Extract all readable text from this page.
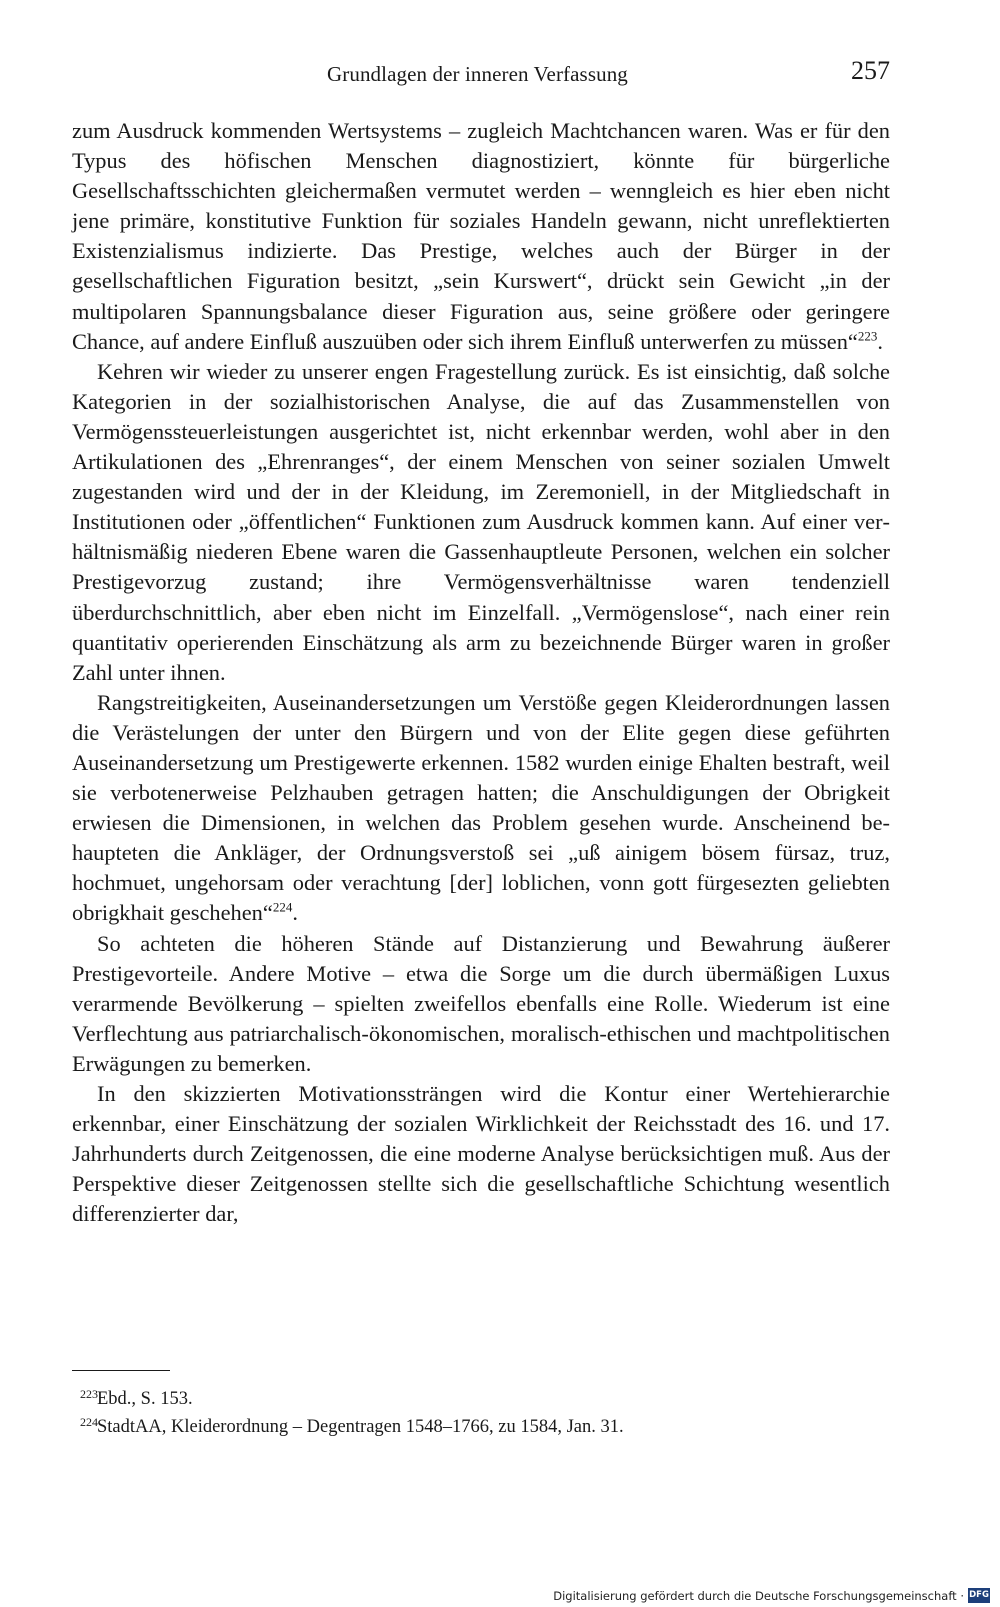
Grundlagen der inneren Verfassung	257

zum Ausdruck kommenden Wertsystems – zugleich Machtchancen waren. Was er für den Typus des höfischen Menschen diagnostiziert, könnte für bürgerliche Gesellschaftsschichten gleichermaßen vermutet werden – wenngleich es hier eben nicht jene primäre, konstitutive Funktion für soziales Handeln gewann, nicht unreflektierten Existenzialismus indizierte. Das Prestige, welches auch der Bürger in der gesellschaftlichen Figuration besitzt, „sein Kurswert“, drückt sein Gewicht „in der multipolaren Spannungsbalance dieser Figuration aus, seine größere oder geringere Chance, auf andere Einfluß auszuüben oder sich ihrem Einfluß unterwerfen zu müssen“$^{223}$.

Kehren wir wieder zu unserer engen Fragestellung zurück. Es ist einsichtig, daß solche Kategorien in der sozialhistorischen Analyse, die auf das Zusammenstellen von Vermögenssteuerleistungen ausgerichtet ist, nicht erkennbar werden, wohl aber in den Artikulationen des „Ehrenranges“, der einem Menschen von seiner sozialen Umwelt zugestanden wird und der in der Kleidung, im Zeremoniell, in der Mitgliedschaft in Institutionen oder „öffentlichen“ Funktionen zum Ausdruck kommen kann. Auf einer verhältnismäßig niederen Ebene waren die Gassenhauptleute Personen, welchen ein solcher Prestigevorzug zustand; ihre Vermögensverhältnisse waren tendenziell überdurchschnittlich, aber eben nicht im Einzelfall. „Vermögenslose“, nach einer rein quantitativ operierenden Einschätzung als arm zu bezeichnende Bürger waren in großer Zahl unter ihnen.

Rangstreitigkeiten, Auseinandersetzungen um Verstöße gegen Kleiderordnungen lassen die Verästelungen der unter den Bürgern und von der Elite gegen diese geführten Auseinandersetzung um Prestigewerte erkennen. 1582 wurden einige Ehalten bestraft, weil sie verbotenerweise Pelzhauben getragen hatten; die Anschuldigungen der Obrigkeit erwiesen die Dimensionen, in welchen das Problem gesehen wurde. Anscheinend behaupteten die Ankläger, der Ordnungsverstoß sei „uß ainigem bösem fürsaz, truz, hochmuet, ungehorsam oder verachtung [der] loblichen, vonn gott fürgesezten geliebten obrigkhait geschehen“$^{224}$.

So achteten die höheren Stände auf Distanzierung und Bewahrung äußerer Prestigevorteile. Andere Motive – etwa die Sorge um die durch übermäßigen Luxus verarmende Bevölkerung – spielten zweifellos ebenfalls eine Rolle. Wiederum ist eine Verflechtung aus patriarchalisch-ökonomischen, moralisch-ethischen und machtpolitischen Erwägungen zu bemerken.

In den skizzierten Motivationssträngen wird die Kontur einer Wertehierarchie erkennbar, einer Einschätzung der sozialen Wirklichkeit der Reichsstadt des 16. und 17. Jahrhunderts durch Zeitgenossen, die eine moderne Analyse berücksichtigen muß. Aus der Perspektive dieser Zeitgenossen stellte sich die gesellschaftliche Schichtung wesentlich differenzierter dar,

223 Ebd., S. 153.

224 StadtAA, Kleiderordnung – Degentragen 1548–1766, zu 1584, Jan. 31.

Digitalisierung gefördert durch die Deutsche Forschungsgemeinschaft · DFG
